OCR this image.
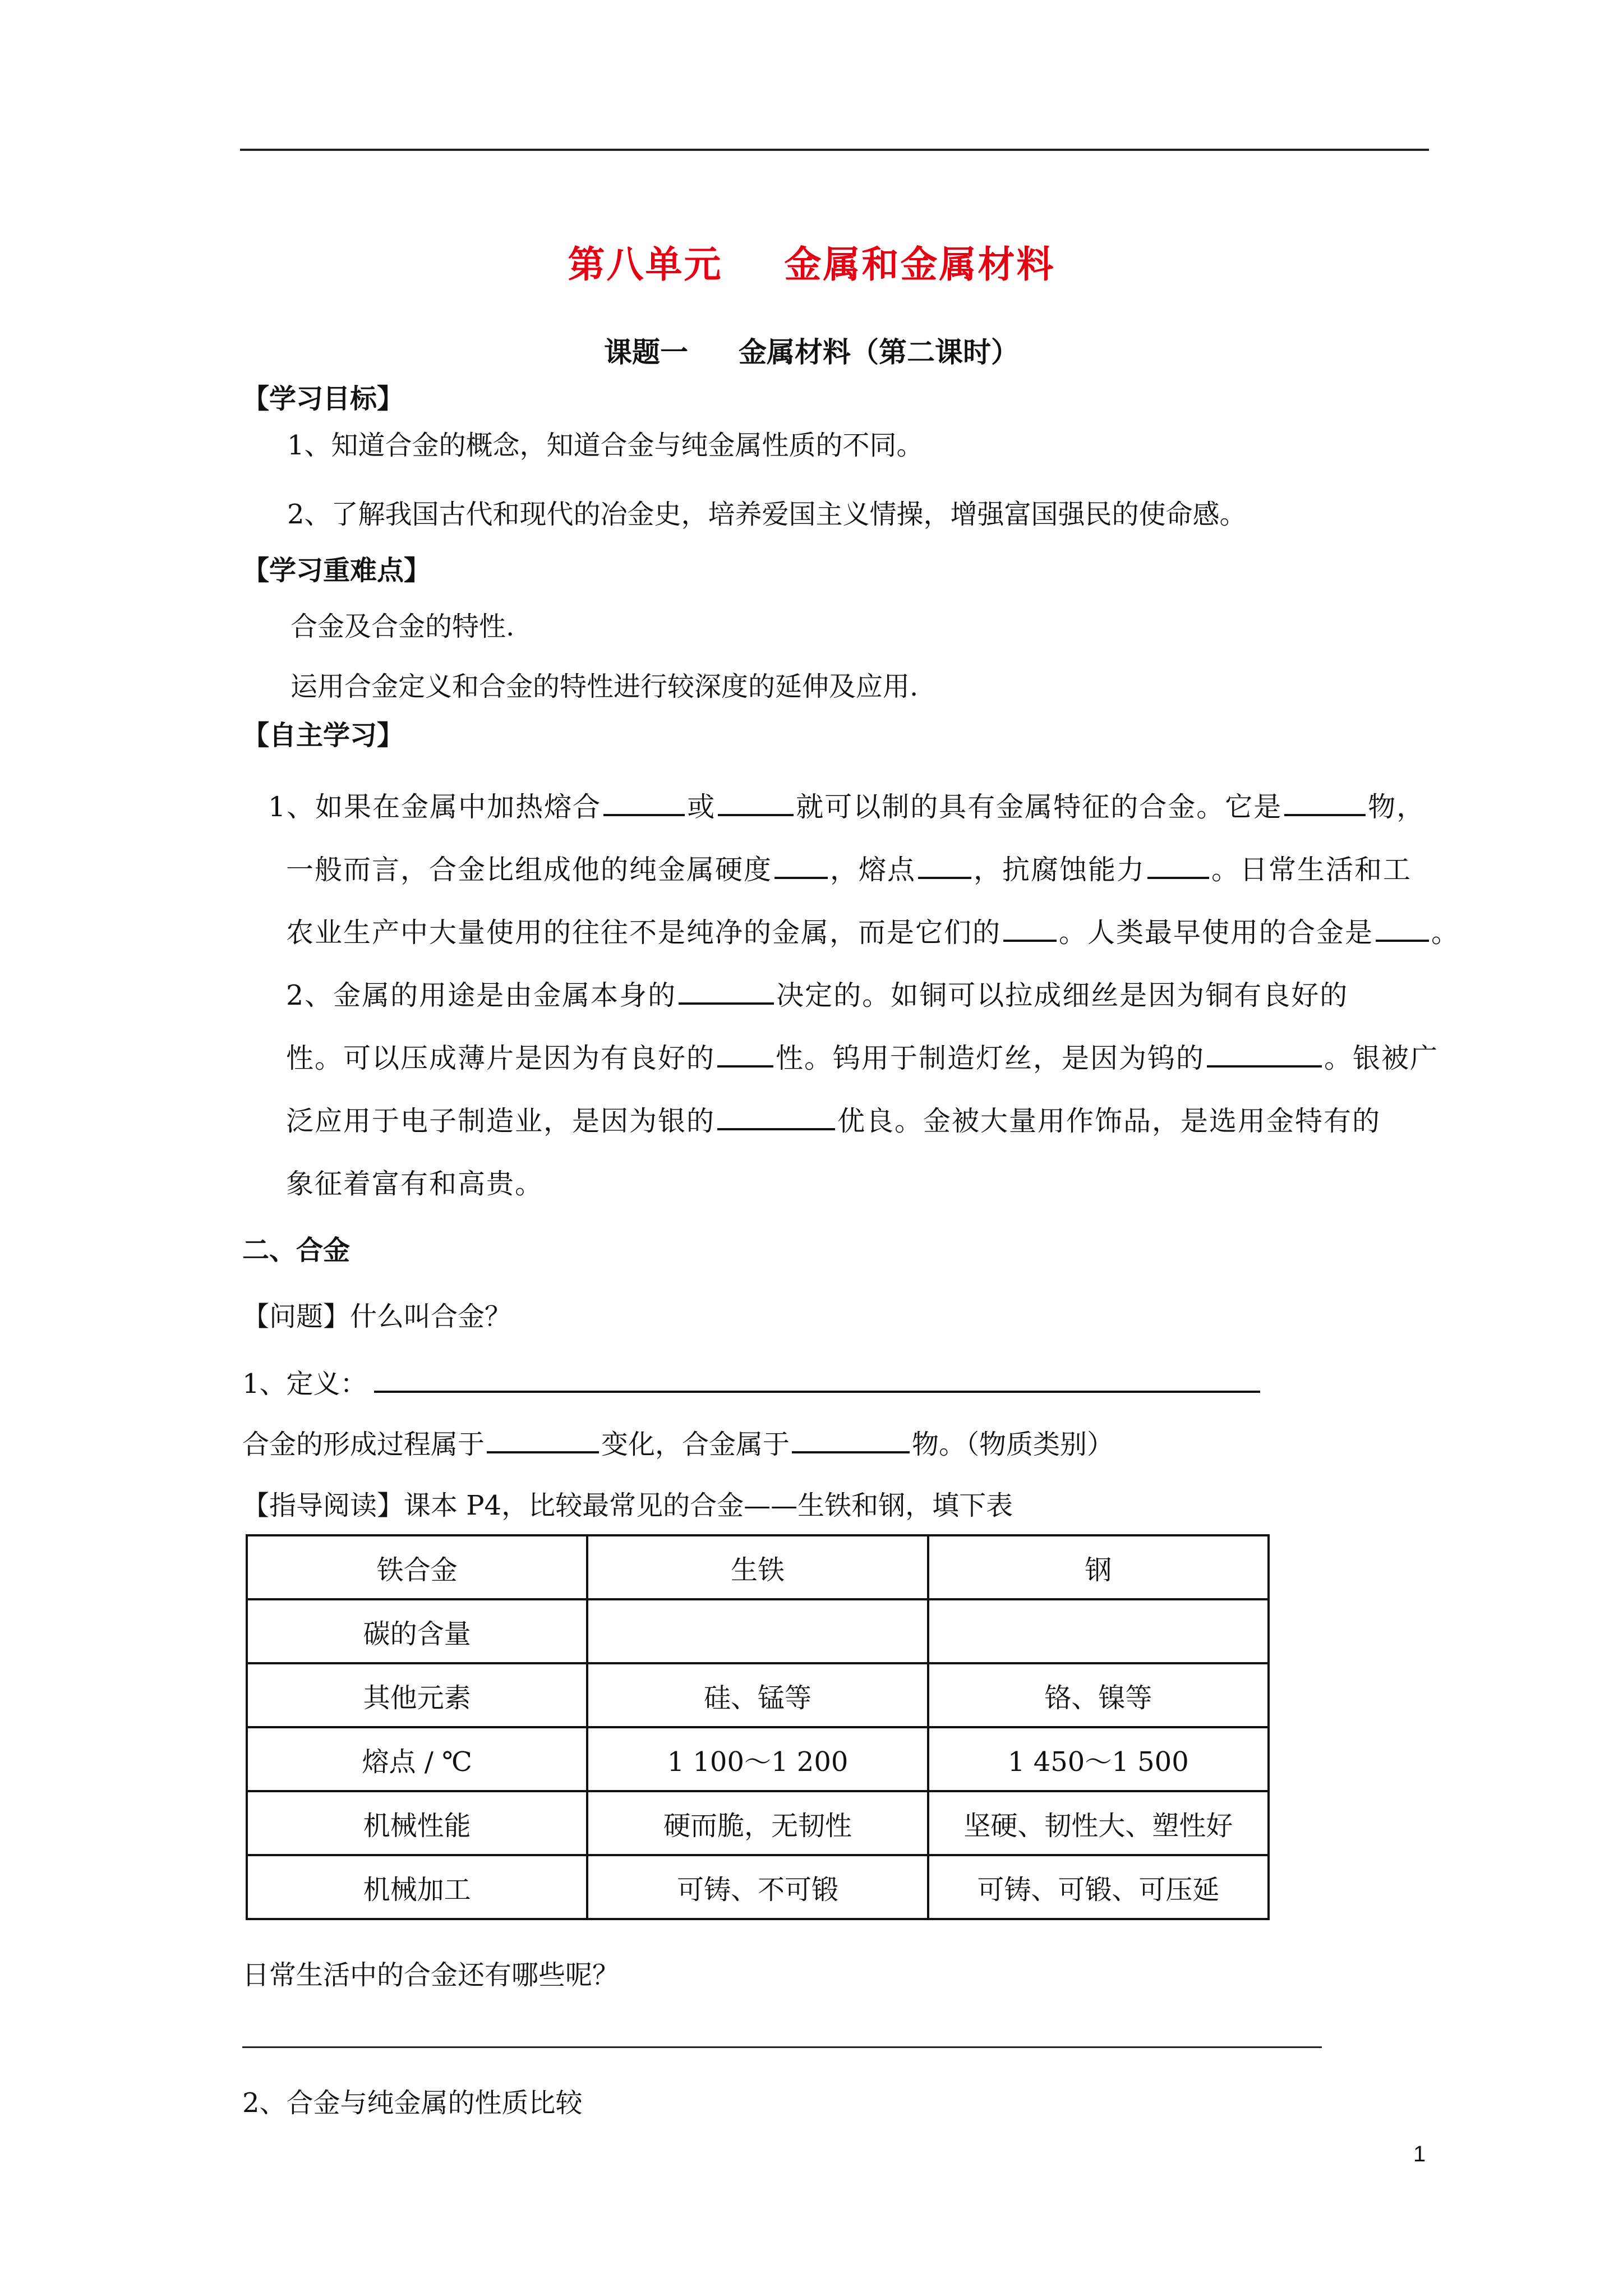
第八单元 金属和金属材料
课题一 金属材料（第二课时）
【学习目标】
1、知道合金的概念，知道合金与纯金属性质的不同。
2、了解我国古代和现代的冶金史，培养爱国主义情操，增强富国强民的使命感。
【学习重难点】
合金及合金的特性.
运用合金定义和合金的特性进行较深度的延伸及应用.
【自主学习】
1、如果在金属中加热熔合	或	就可以制的具有金属特征的合金。它是	物，
一般而言，合金比组成他的纯金属硬度 ，熔点 ，抗腐蚀能力 。日常生活和工
农业生产中大量使用的往往不是纯净的金属，而是它们的 。人类最早使用的合金是 。
2、金属的用途是由金属本身的	决定的。如铜可以拉成细丝是因为铜有良好的
性。可以压成薄片是因为有良好的 性。钨用于制造灯丝，是因为钨的	。银被广
泛应用于电子制造业，是因为银的	优良。金被大量用作饰品，是选用金特有的
象征着富有和高贵。
二、合金
【问题】什么叫合金？
1、定义：
合金的形成过程属于	变化，合金属于	物。（物质类别）
【指导阅读】课本 P4，比较最常见的合金——生铁和钢，填下表
铁合金	生铁	钢
碳的含量		
其他元素	硅、锰等	铬、镍等
熔点 / ℃	1 100～1 200	1 450～1 500
机械性能	硬而脆，无韧性	坚硬、韧性大、塑性好
机械加工	可铸、不可锻	可铸、可锻、可压延
日常生活中的合金还有哪些呢？
2、合金与纯金属的性质比较
1
